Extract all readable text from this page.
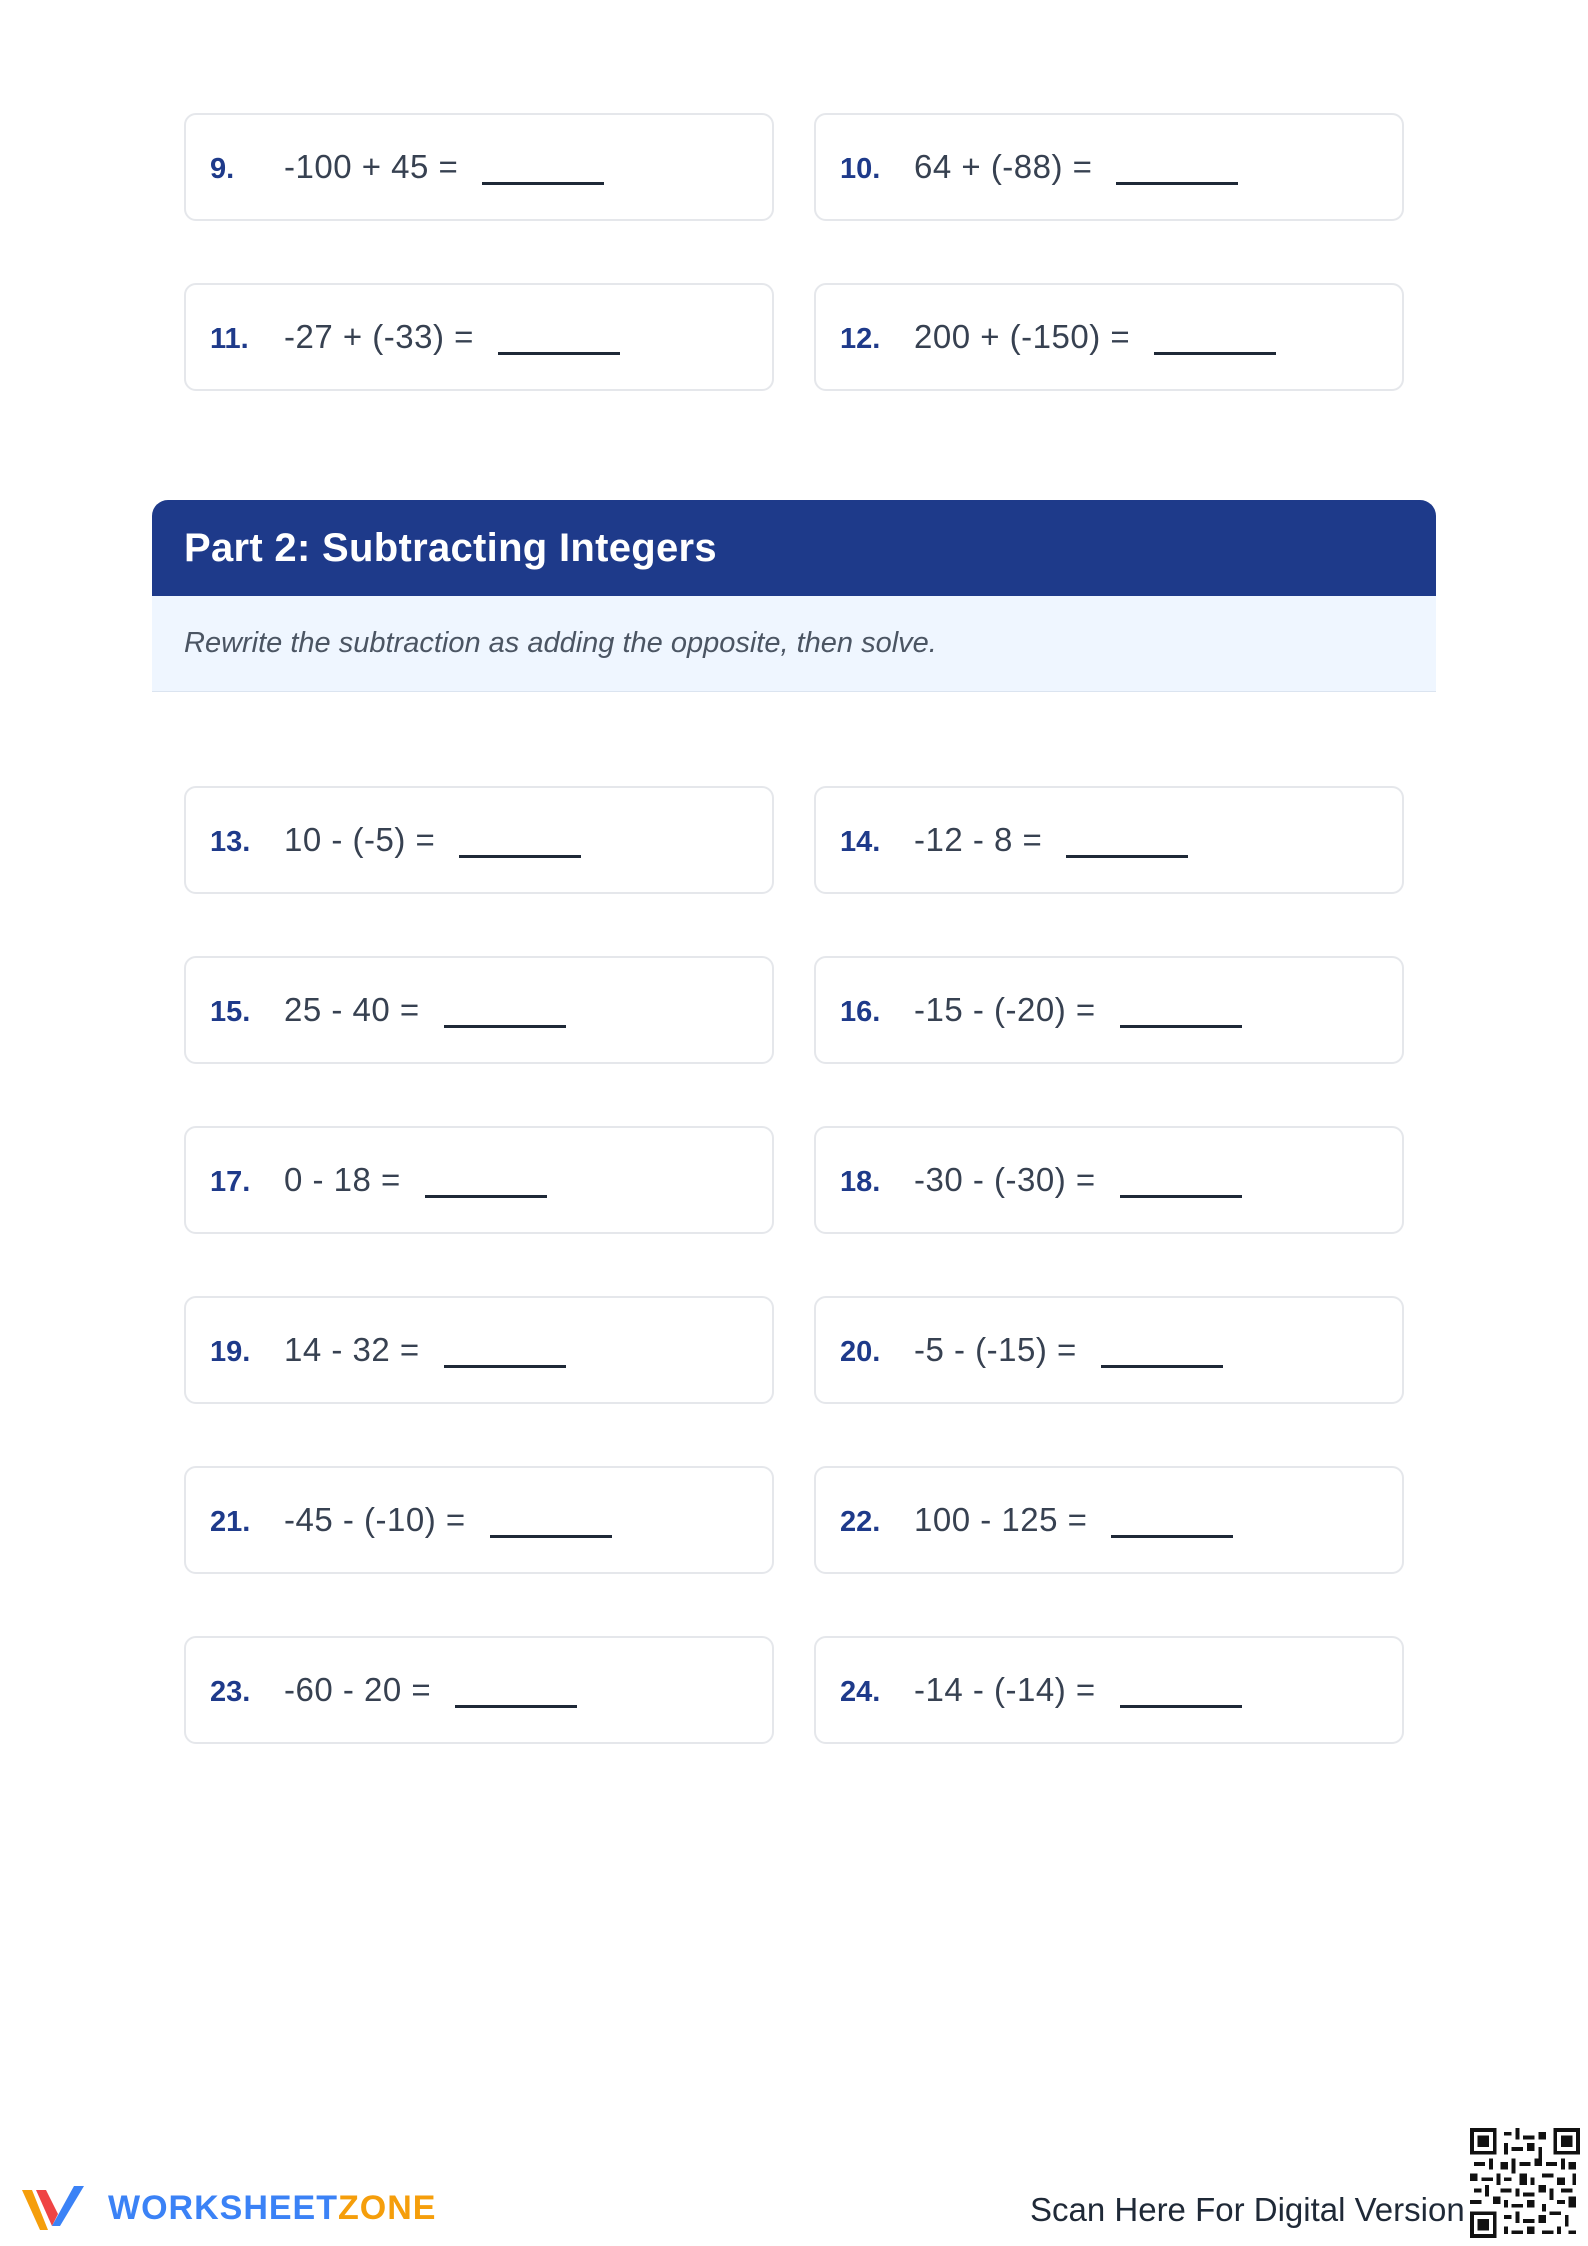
9.	-100 + 45 =	10.	64 + (-88) =
11.	-27 + (-33) =	12.	200 + (-150) =
Part 2: Subtracting Integers

Rewrite the subtraction as adding the opposite, then solve.

13.	10 - (-5) =	14.	-12 - 8 =
15.	25 - 40 =	16.	-15 - (-20) =
17.	0 - 18 =	18.	-30 - (-30) =
19.	14 - 32 =	20.	-5 - (-15) =
21.	-45 - (-10) =	22.	100 - 125 =
23.	-60 - 20 =	24.	-14 - (-14) =
WORKSHEET ZONE	Scan Here For Digital Version
